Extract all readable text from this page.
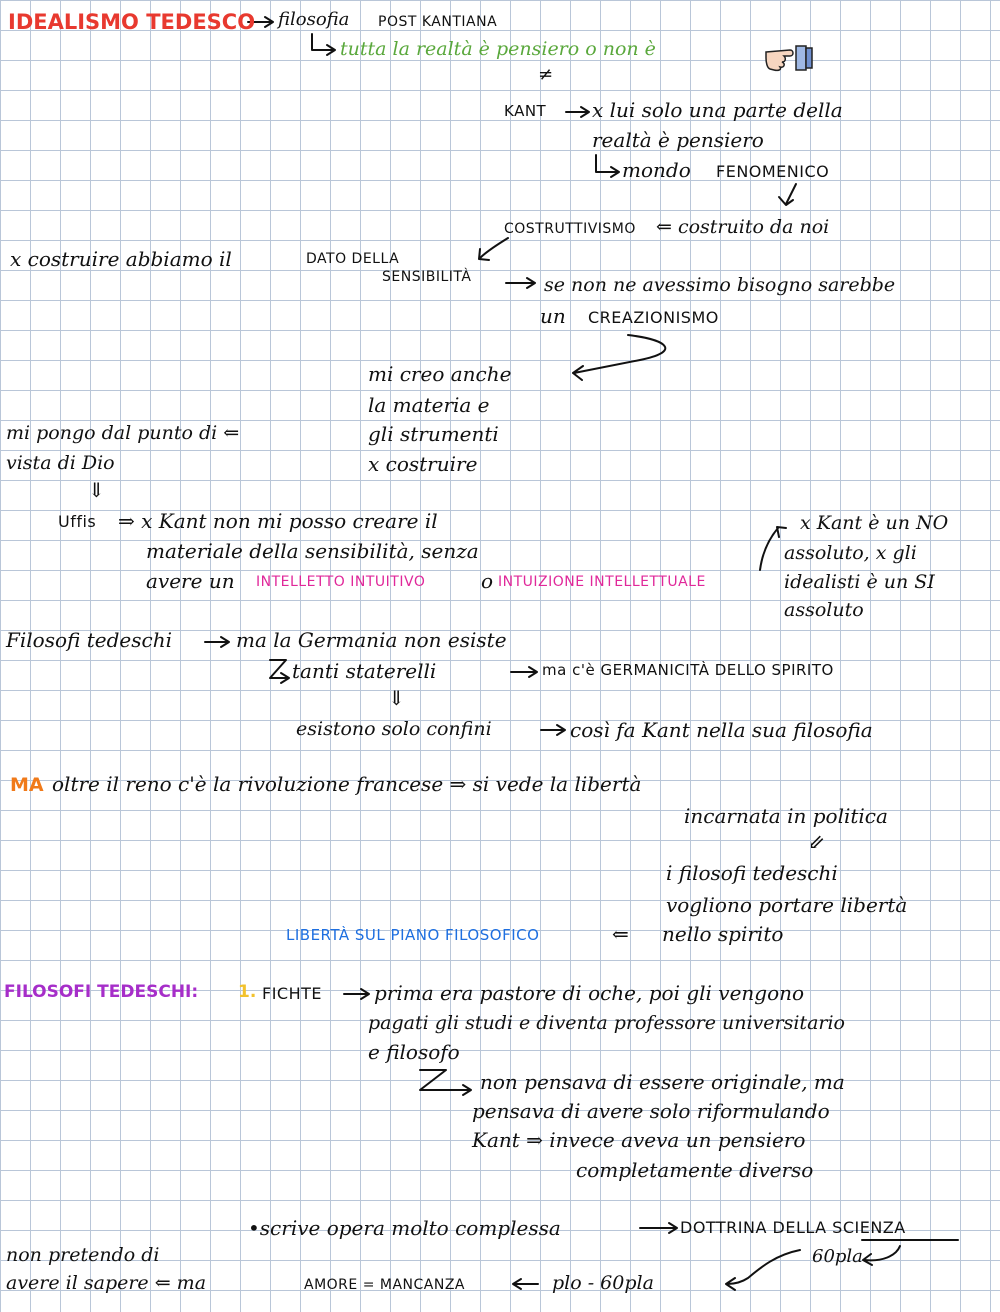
IDEALISMO TEDESCO filosofia POST KANTIANA
tutta la realtà è pensiero o non è
≠
KANT x lui solo una parte della
realtà è pensiero
mondo FENOMENICO
COSTRUTTIVISMO ⇐ costruito da noi
x costruire abbiamo il	DATO DELLA
SENSIBILITÀ	se non ne avessimo bisogno sarebbe
un CREAZIONISMO
mi creo anche
la materia e
gli strumenti
x costruire
mi pongo dal punto di ⇐
vista di Dio
⇓
Uffis ⇒ x Kant non mi posso creare il
materiale della sensibilità, senza
avere un INTELLETTO INTUITIVO	o INTUIZIONE INTELLETTUALE
x Kant è un NO
assoluto, x gli
idealisti è un SI
assoluto
Filosofi tedeschi	ma la Germania non esiste
tanti staterelli	ma c'è GERMANICITÀ DELLO SPIRITO
⇓
esistono solo confini	così fa Kant nella sua filosofia
MA oltre il reno c'è la rivoluzione francese ⇒ si vede la libertà
incarnata in politica
⇙
i filosofi tedeschi
vogliono portare libertà
LIBERTÀ SUL PIANO FILOSOFICO	⇐ nello spirito
FILOSOFI TEDESCHI: 1. FICHTE	prima era pastore di oche, poi gli vengono
pagati gli studi e diventa professore universitario
e filosofo
non pensava di essere originale, ma
pensava di avere solo riformulando
Kant ⇒ invece aveva un pensiero
completamente diverso
•scrive opera molto complessa	DOTTRINA DELLA SCIENZA
60pla
non pretendo di
avere il sapere ⇐ ma	AMORE = MANCANZA	plo - 60pla
